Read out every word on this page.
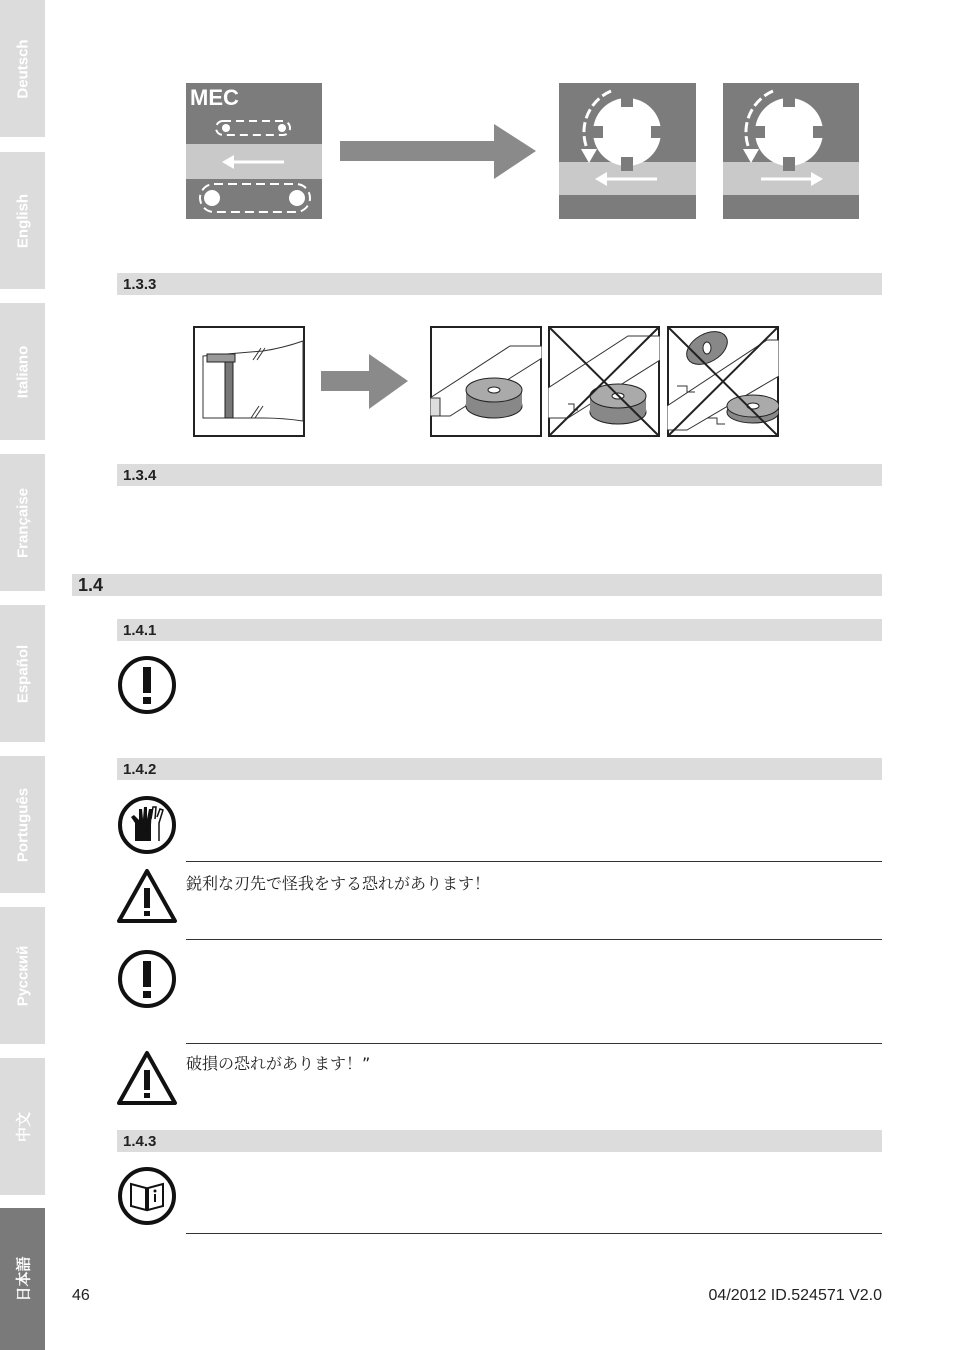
Deutsch
English
Italiano
Française
Español
Português
Русский
中文
日本語
MEC
1.3.3
1.3.4
1.4
1.4.1
1.4.2
鋭利な刃先で怪我をする恐れがあります！
破損の恐れがあります！”
1.4.3
46	04/2012 ID.524571 V2.0
